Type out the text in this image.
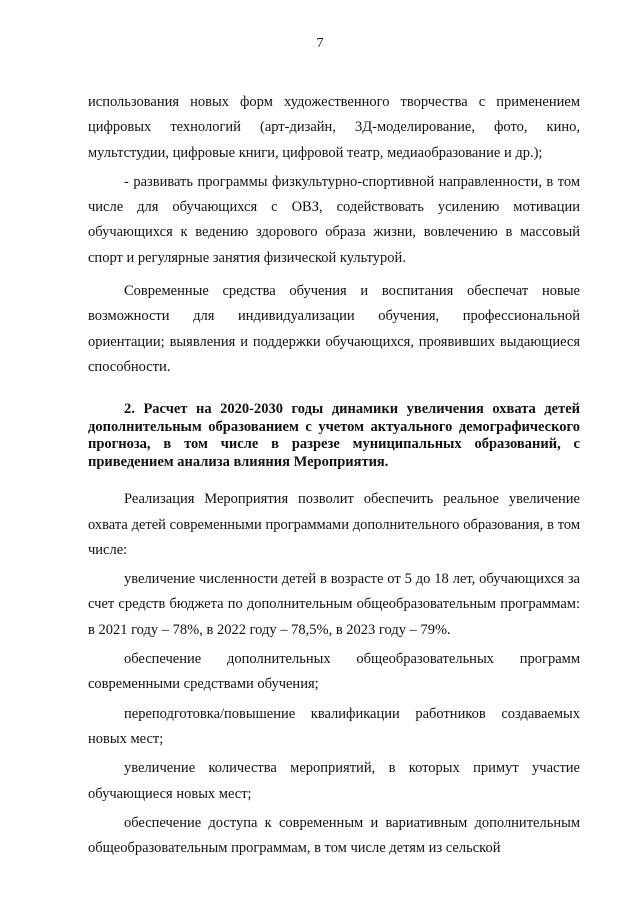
7

использования новых форм художественного творчества с применением цифровых технологий (арт-дизайн, 3Д-моделирование, фото, кино, мультстудии, цифровые книги, цифровой театр, медиаобразование и др.);

- развивать программы физкультурно-спортивной направленности, в том числе для обучающихся с ОВЗ, содействовать усилению мотивации обучающихся к ведению здорового образа жизни, вовлечению в массовый спорт и регулярные занятия физической культурой.

Современные средства обучения и воспитания обеспечат новые возможности для индивидуализации обучения, профессиональной ориентации; выявления и поддержки обучающихся, проявивших выдающиеся способности.

2. Расчет на 2020-2030 годы динамики увеличения охвата детей дополнительным образованием с учетом актуального демографического прогноза, в том числе в разрезе муниципальных образований, с приведением анализа влияния Мероприятия.

Реализация Мероприятия позволит обеспечить реальное увеличение охвата детей современными программами дополнительного образования, в том числе:

увеличение численности детей в возрасте от 5 до 18 лет, обучающихся за счет средств бюджета по дополнительным общеобразовательным программам: в 2021 году – 78%, в 2022 году – 78,5%, в 2023 году – 79%.

обеспечение дополнительных общеобразовательных программ современными средствами обучения;

переподготовка/повышение квалификации работников создаваемых новых мест;

увеличение количества мероприятий, в которых примут участие обучающиеся новых мест;

обеспечение доступа к современным и вариативным дополнительным общеобразовательным программам, в том числе детям из сельской
